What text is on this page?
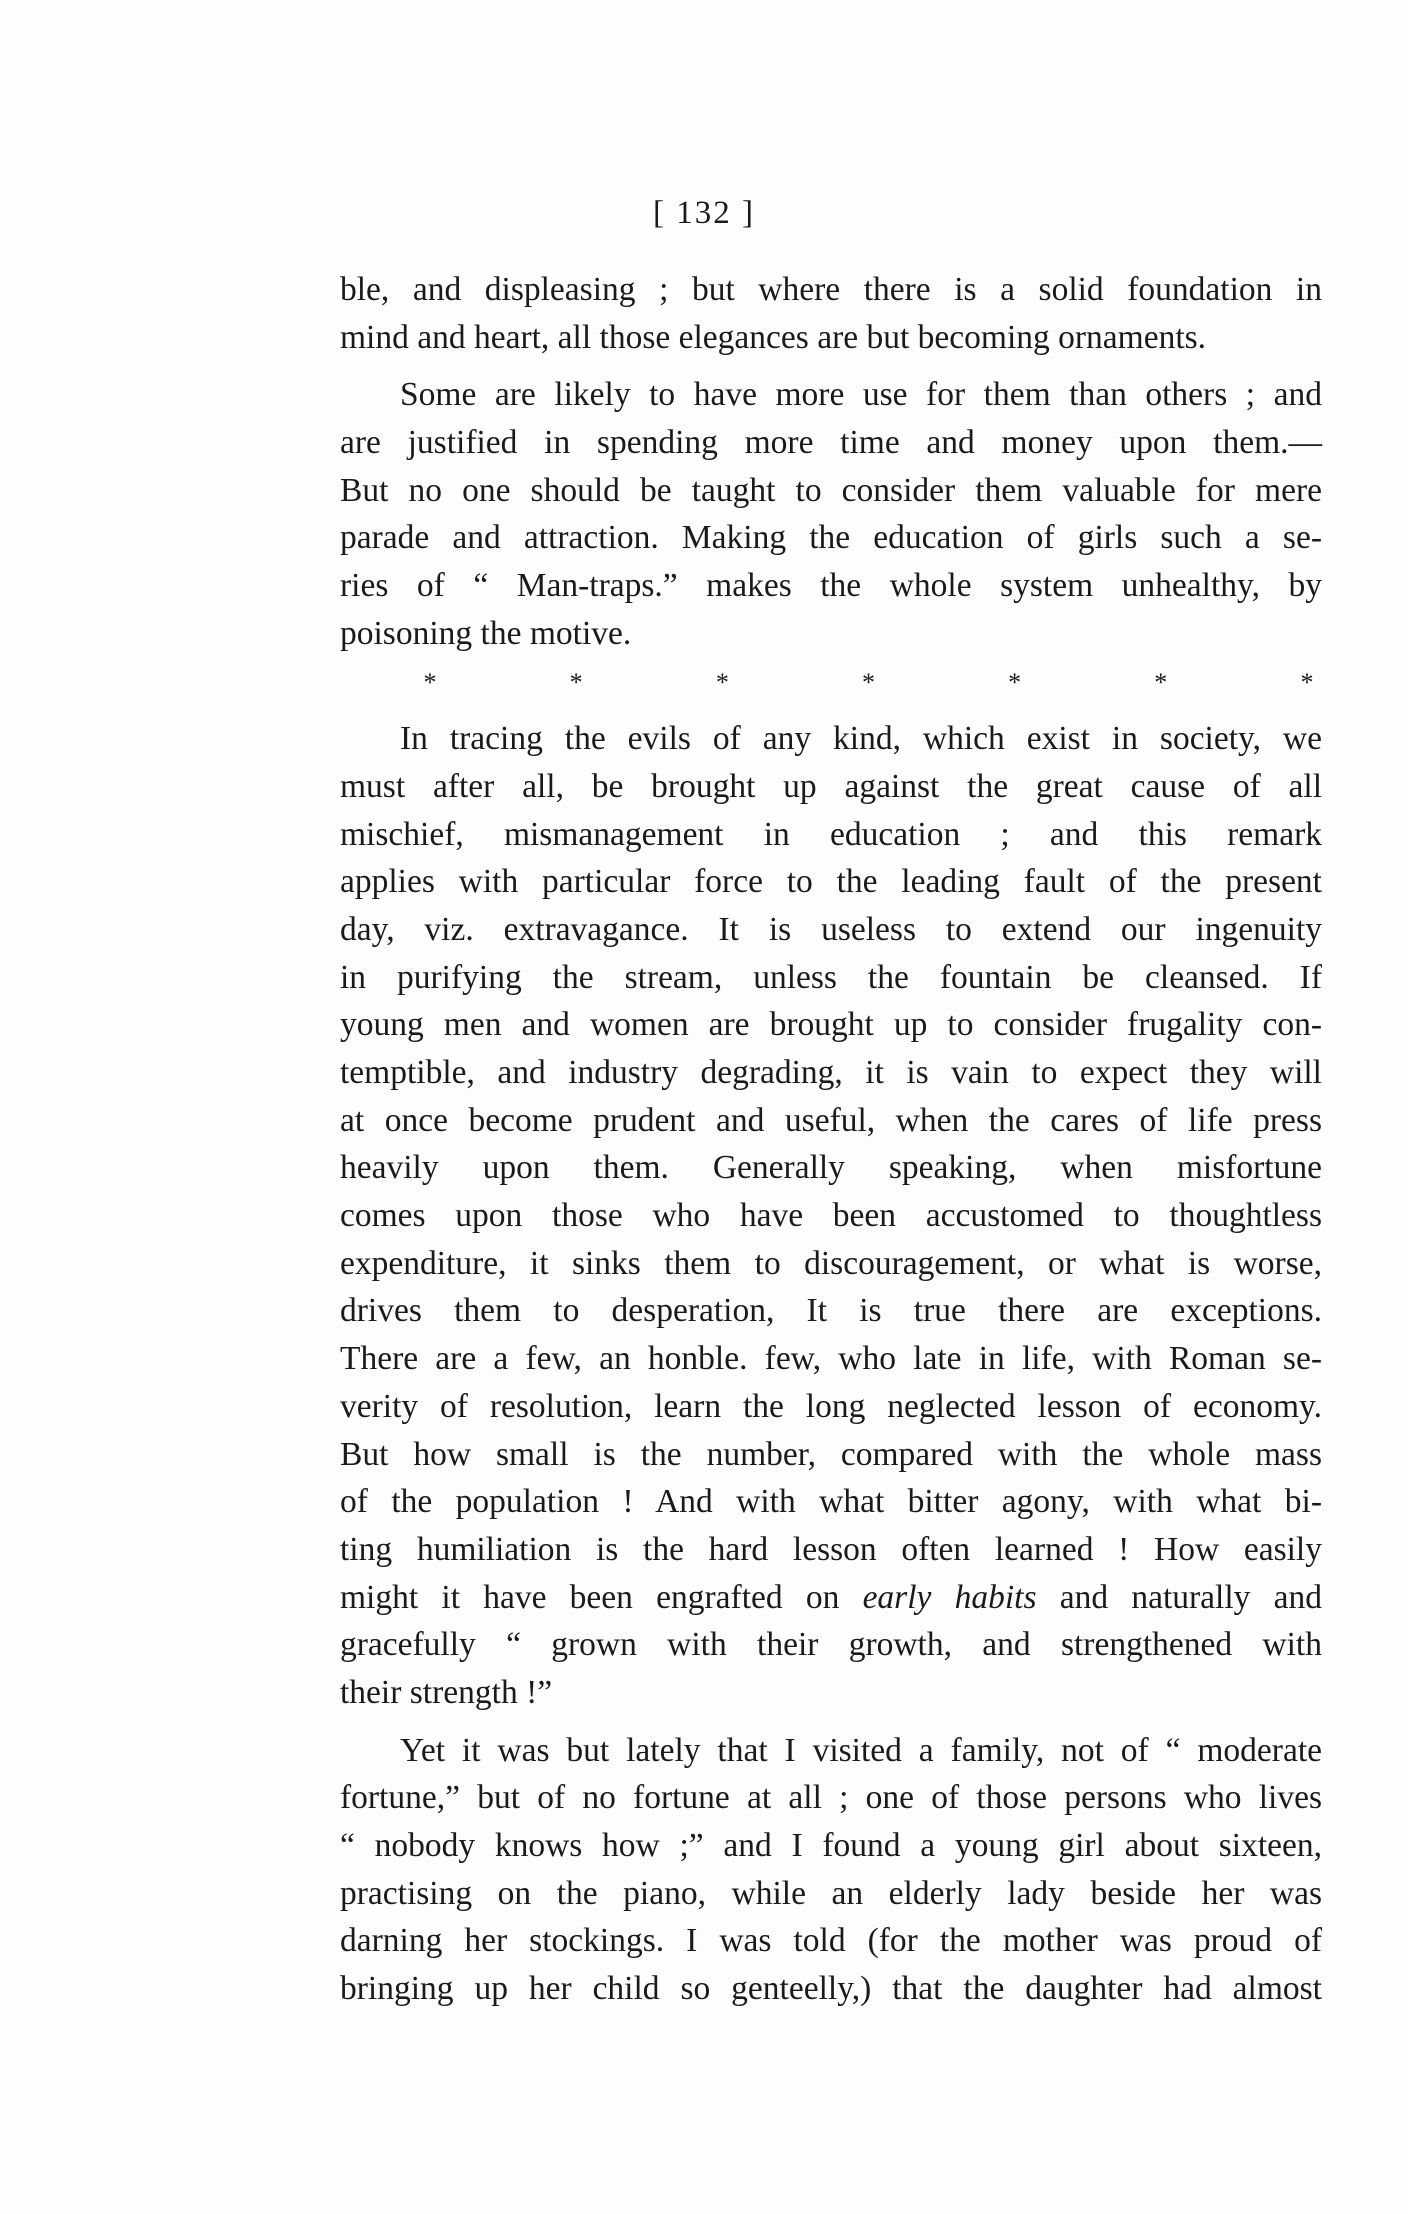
[ 132 ]
ble, and displeasing ; but where there is a solid foundation in
mind and heart, all those elegances are but becoming ornaments.
Some are likely to have more use for them than others ; and
are justified in spending more time and money upon them.—
But no one should be taught to consider them valuable for mere
parade and attraction. Making the education of girls such a se-
ries of “ Man-traps.” makes the whole system unhealthy, by
poisoning the motive.
*	*	*	*	*	*	*
In tracing the evils of any kind, which exist in society, we
must after all, be brought up against the great cause of all
mischief, mismanagement in education ; and this remark
applies with particular force to the leading fault of the present
day, viz. extravagance. It is useless to extend our ingenuity
in purifying the stream, unless the fountain be cleansed. If
young men and women are brought up to consider frugality con-
temptible, and industry degrading, it is vain to expect they will
at once become prudent and useful, when the cares of life press
heavily upon them. Generally speaking, when misfortune
comes upon those who have been accustomed to thoughtless
expenditure, it sinks them to discouragement, or what is worse,
drives them to desperation, It is true there are exceptions.
There are a few, an honble. few, who late in life, with Roman se-
verity of resolution, learn the long neglected lesson of economy.
But how small is the number, compared with the whole mass
of the population ! And with what bitter agony, with what bi-
ting humiliation is the hard lesson often learned ! How easily
might it have been engrafted on early habits and naturally and
gracefully “ grown with their growth, and strengthened with
their strength !”
Yet it was but lately that I visited a family, not of “ moderate
fortune,” but of no fortune at all ; one of those persons who lives
“ nobody knows how ;” and I found a young girl about sixteen,
practising on the piano, while an elderly lady beside her was
darning her stockings. I was told (for the mother was proud of
bringing up her child so genteelly,) that the daughter had almost
